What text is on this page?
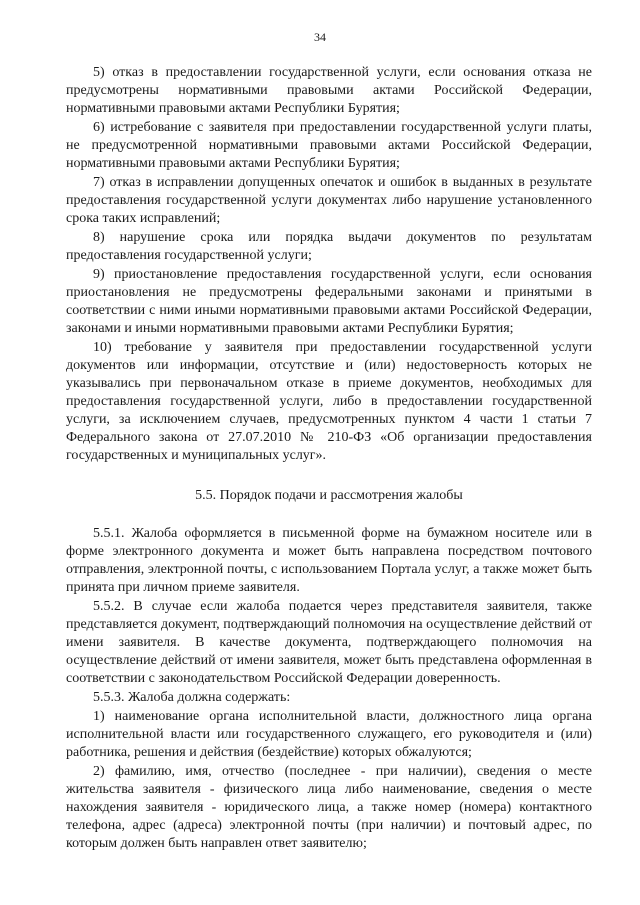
34

5) отказ в предоставлении государственной услуги, если основания отказа не предусмотрены нормативными правовыми актами Российской Федерации, нормативными правовыми актами Республики Бурятия;

6) истребование с заявителя при предоставлении государственной услуги платы, не предусмотренной нормативными правовыми актами Российской Федерации, нормативными правовыми актами Республики Бурятия;

7) отказ в исправлении допущенных опечаток и ошибок в выданных в результате предоставления государственной услуги документах либо нарушение установленного срока таких исправлений;

8) нарушение срока или порядка выдачи документов по результатам предоставления государственной услуги;

9) приостановление предоставления государственной услуги, если основания приостановления не предусмотрены федеральными законами и принятыми в соответствии с ними иными нормативными правовыми актами Российской Федерации, законами и иными нормативными правовыми актами Республики Бурятия;

10) требование у заявителя при предоставлении государственной услуги документов или информации, отсутствие и (или) недостоверность которых не указывались при первоначальном отказе в приеме документов, необходимых для предоставления государственной услуги, либо в предоставлении государственной услуги, за исключением случаев, предусмотренных пунктом 4 части 1 статьи 7 Федерального закона от 27.07.2010 № 210-ФЗ «Об организации предоставления государственных и муниципальных услуг».

5.5. Порядок подачи и рассмотрения жалобы

5.5.1. Жалоба оформляется в письменной форме на бумажном носителе или в форме электронного документа и может быть направлена посредством почтового отправления, электронной почты, с использованием Портала услуг, а также может быть принята при личном приеме заявителя.

5.5.2. В случае если жалоба подается через представителя заявителя, также представляется документ, подтверждающий полномочия на осуществление действий от имени заявителя. В качестве документа, подтверждающего полномочия на осуществление действий от имени заявителя, может быть представлена оформленная в соответствии с законодательством Российской Федерации доверенность.

5.5.3. Жалоба должна содержать:

1) наименование органа исполнительной власти, должностного лица органа исполнительной власти или государственного служащего, его руководителя и (или) работника, решения и действия (бездействие) которых обжалуются;

2) фамилию, имя, отчество (последнее - при наличии), сведения о месте жительства заявителя - физического лица либо наименование, сведения о месте нахождения заявителя - юридического лица, а также номер (номера) контактного телефона, адрес (адреса) электронной почты (при наличии) и почтовый адрес, по которым должен быть направлен ответ заявителю;
